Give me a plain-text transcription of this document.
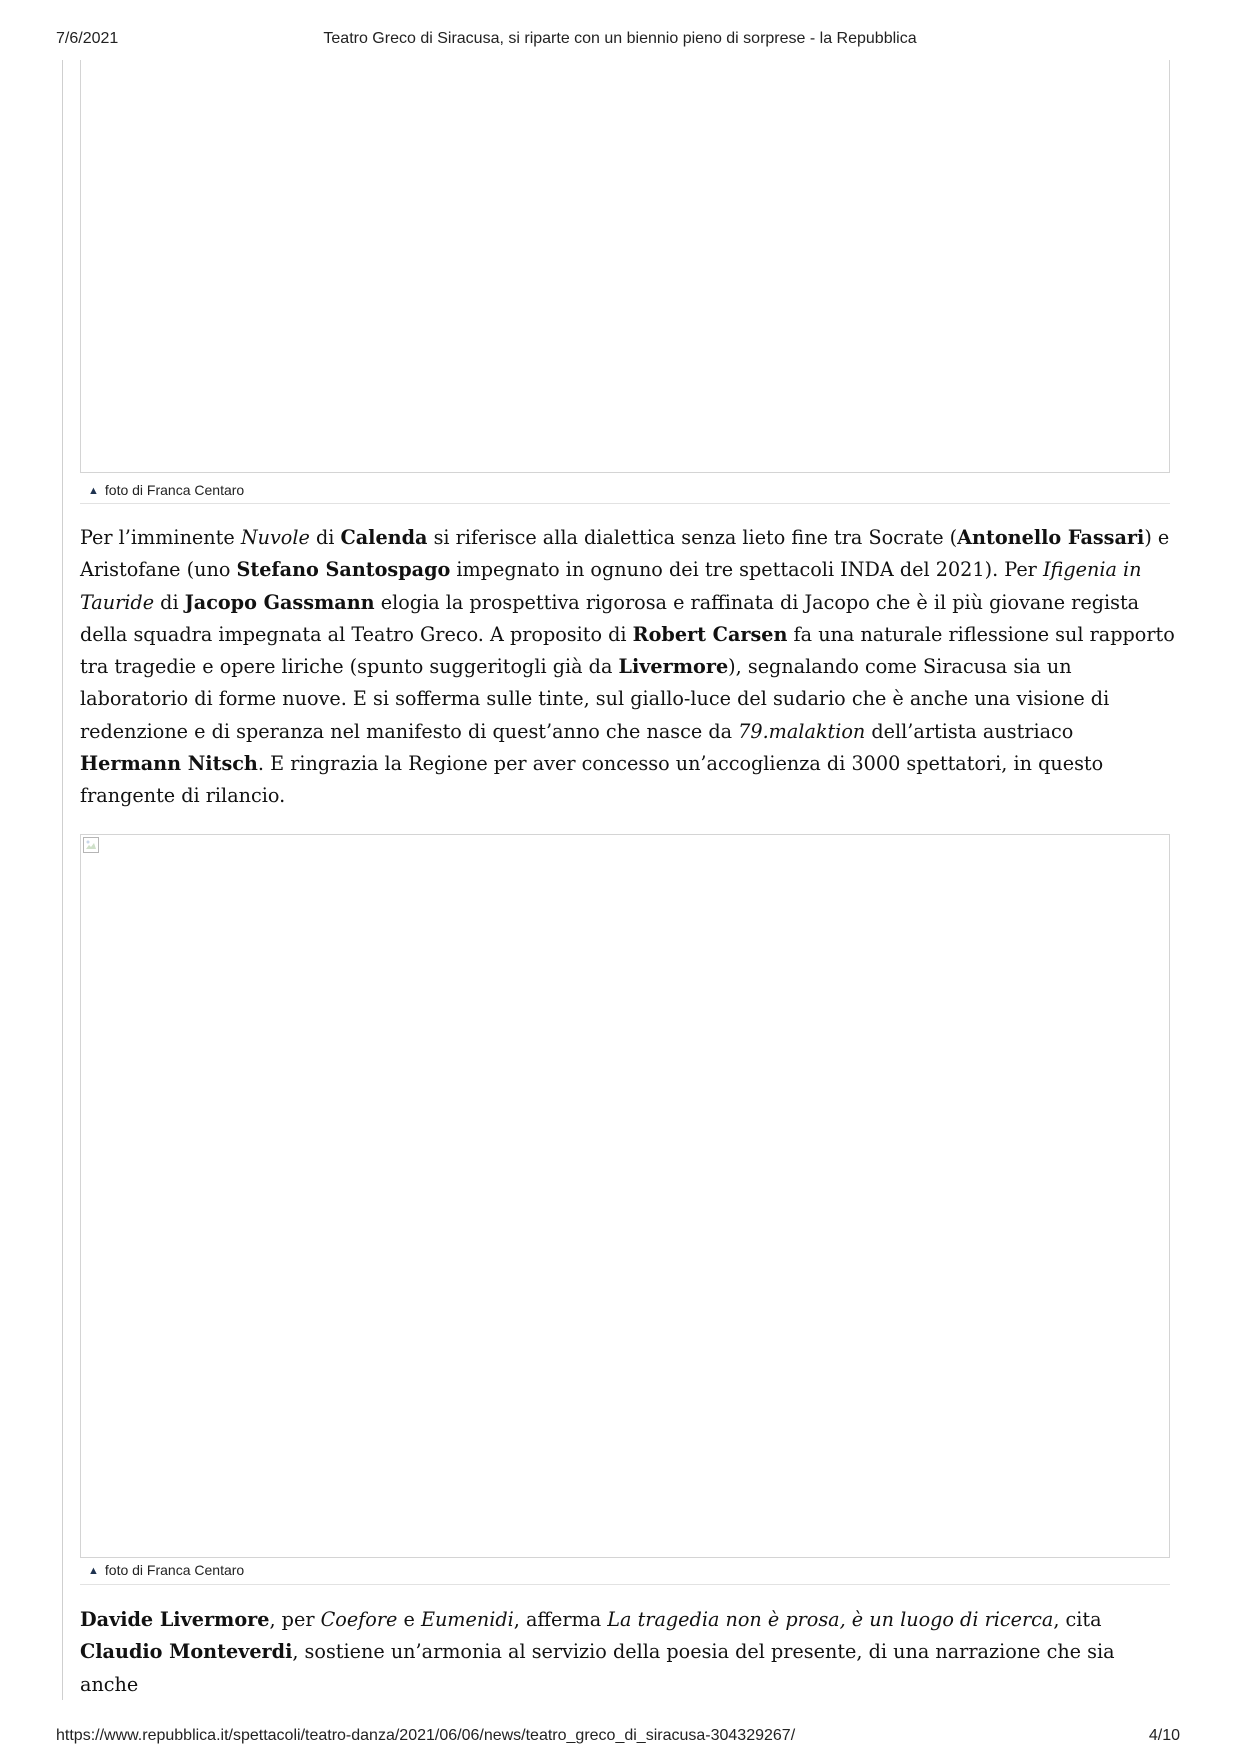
7/6/2021	Teatro Greco di Siracusa, si riparte con un biennio pieno di sorprese - la Repubblica
▲ foto di Franca Centaro

Per l’imminente Nuvole di Calenda si riferisce alla dialettica senza lieto fine tra Socrate (Antonello Fassari) e Aristofane (uno Stefano Santospago impegnato in ognuno dei tre spettacoli INDA del 2021). Per Ifigenia in Tauride di Jacopo Gassmann elogia la prospettiva rigorosa e raffinata di Jacopo che è il più giovane regista della squadra impegnata al Teatro Greco. A proposito di Robert Carsen fa una naturale riflessione sul rapporto tra tragedie e opere liriche (spunto suggeritogli già da Livermore), segnalando come Siracusa sia un laboratorio di forme nuove. E si sofferma sulle tinte, sul giallo-luce del sudario che è anche una visione di redenzione e di speranza nel manifesto di quest’anno che nasce da 79.malaktion dell’artista austriaco Hermann Nitsch. E ringrazia la Regione per aver concesso un’accoglienza di 3000 spettatori, in questo frangente di rilancio.

▲ foto di Franca Centaro

Davide Livermore, per Coefore e Eumenidi, afferma La tragedia non è prosa, è un luogo di ricerca, cita Claudio Monteverdi, sostiene un’armonia al servizio della poesia del presente, di una narrazione che sia anche

https://www.repubblica.it/spettacoli/teatro-danza/2021/06/06/news/teatro_greco_di_siracusa-304329267/	4/10
